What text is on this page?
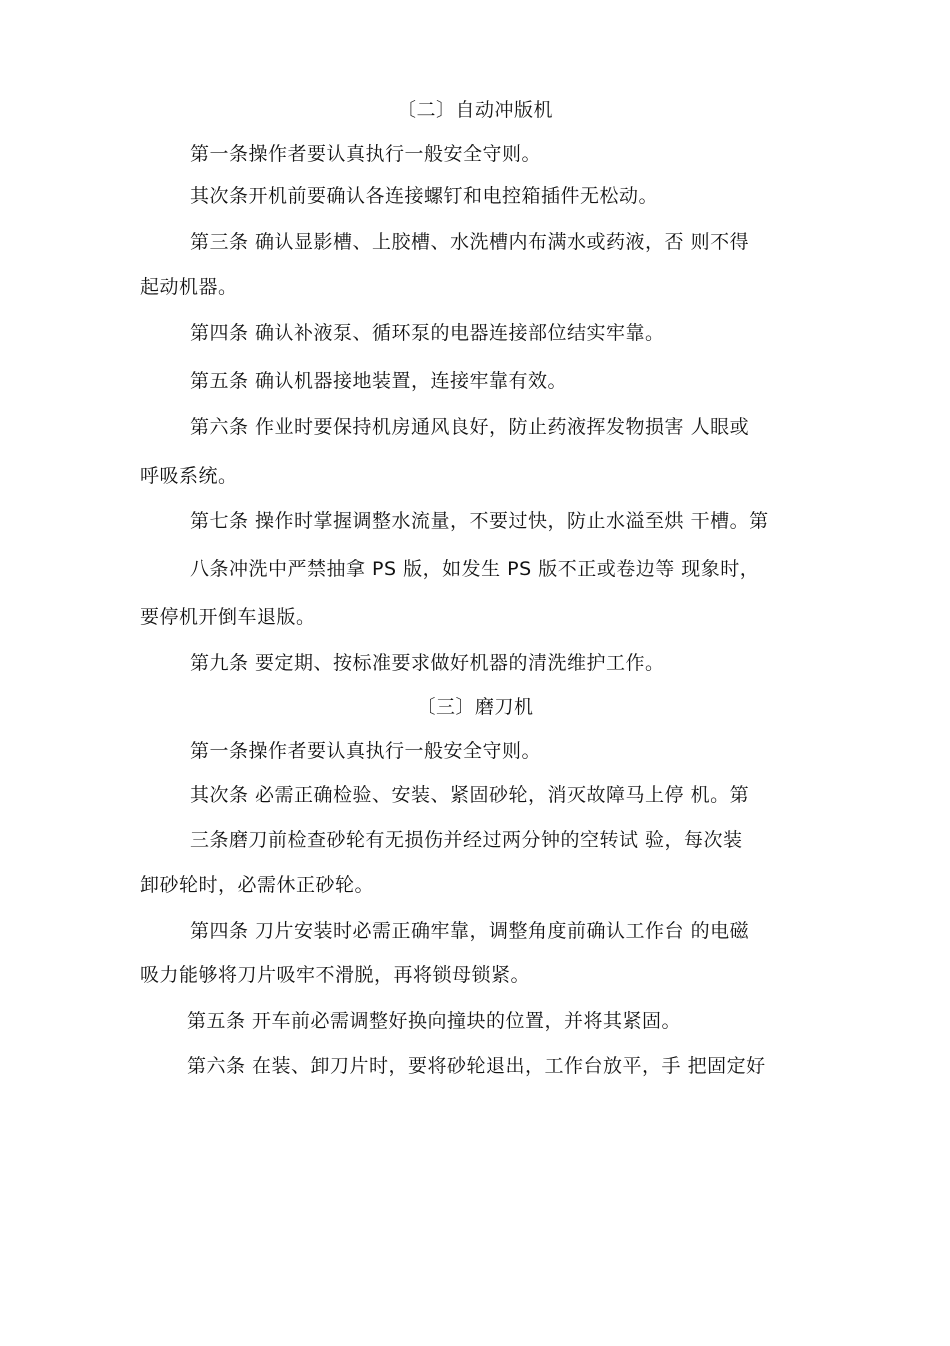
〔二〕自动冲版机
第一条操作者要认真执行一般安全守则。
其次条开机前要确认各连接螺钉和电控箱插件无松动。
第三条 确认显影槽、上胶槽、水洗槽内布满水或药液，否 则不得
起动机器。
第四条 确认补液泵、循环泵的电器连接部位结实牢靠。
第五条 确认机器接地装置，连接牢靠有效。
第六条 作业时要保持机房通风良好，防止药液挥发物损害 人眼或
呼吸系统。
第七条 操作时掌握调整水流量，不要过快，防止水溢至烘 干槽。第
八条冲洗中严禁抽拿 PS 版，如发生 PS 版不正或卷边等 现象时，
要停机开倒车退版。
第九条 要定期、按标准要求做好机器的清洗维护工作。
〔三〕磨刀机
第一条操作者要认真执行一般安全守则。
其次条 必需正确检验、安装、紧固砂轮，消灭故障马上停 机。第
三条磨刀前检查砂轮有无损伤并经过两分钟的空转试 验，每次装
卸砂轮时，必需休正砂轮。
第四条 刀片安装时必需正确牢靠，调整角度前确认工作台 的电磁
吸力能够将刀片吸牢不滑脱，再将锁母锁紧。
第五条 开车前必需调整好换向撞块的位置，并将其紧固。
第六条 在装、卸刀片时，要将砂轮退出，工作台放平，手 把固定好
